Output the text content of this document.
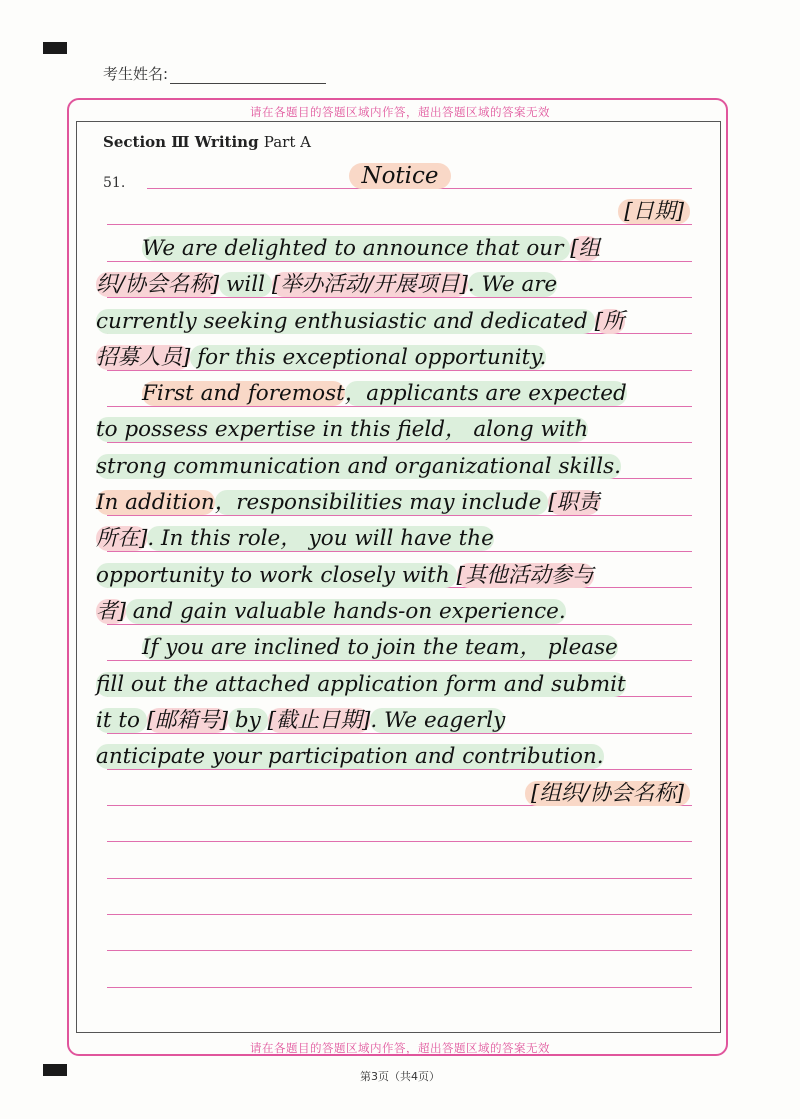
考生姓名:
请在各题目的答题区域内作答，超出答题区域的答案无效
请在各题目的答题区域内作答，超出答题区域的答案无效
Section Ⅲ Writing Part A
51.	Notice
[日期]
We are delighted to announce that our [组
织/协会名称] will [举办活动/开展项目]. We are
currently seeking enthusiastic and dedicated [所
招募人员] for this exceptional opportunity.
First and foremost，applicants are expected
to possess expertise in this field， along with
strong communication and organizational skills.
In addition，responsibilities may include [职责
所在]. In this role， you will have the
opportunity to work closely with [其他活动参与
者] and gain valuable hands-on experience.
If you are inclined to join the team， please
fill out the attached application form and submit
it to [邮箱号] by [截止日期]. We eagerly
anticipate your participation and contribution.
[组织/协会名称]
第3页（共4页）
